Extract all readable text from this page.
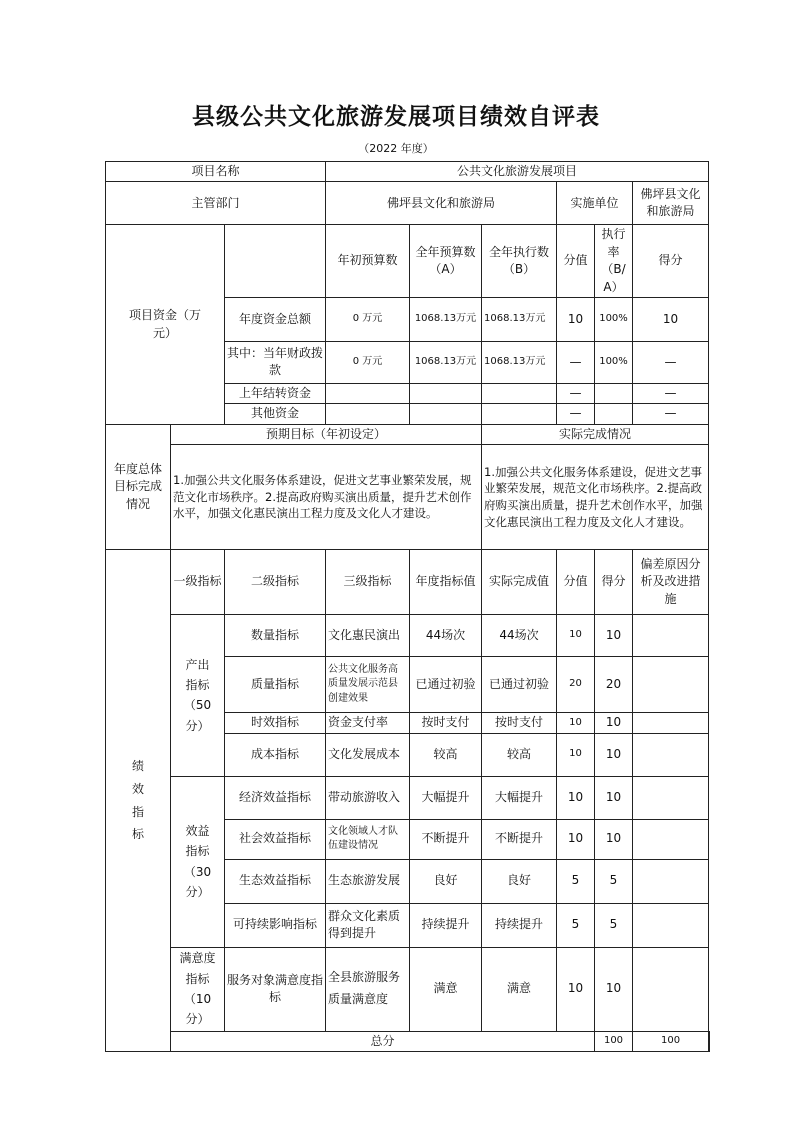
县级公共文化旅游发展项目绩效自评表
（2022 年度）
项目名称			公共文化旅游发展项目						
主管部门			佛坪县文化和旅游局			实施单位		佛坪县文化和旅游局	
项目资金（万元）			年初预算数	全年预算数（A）	全年执行数（B）	分值	执行率（B/A）	得分	
		年度资金总额	0 万元	1068.13万元	1068.13万元	10	100%	10	
		其中：当年财政拨款	0 万元	1068.13万元	1068.13万元	—	100%	—	
		上年结转资金				—		—	
		其他资金				—		—	
年度总体目标完成情况	预期目标（年初设定）				实际完成情况				
	1.加强公共文化服务体系建设，促进文艺事业繁荣发展，规范文化市场秩序。2.提高政府购买演出质量，提升艺术创作水平，加强文化惠民演出工程力度及文化人才建设。				1.加强公共文化服务体系建设，促进文艺事业繁荣发展，规范文化市场秩序。2.提高政府购买演出质量，提升艺术创作水平，加强文化惠民演出工程力度及文化人才建设。				
绩效指标	一级指标	二级指标	三级指标	年度指标值	实际完成值	分值	得分	偏差原因分析及改进措施	
	产出指标（50分）	数量指标	文化惠民演出	44场次	44场次	10	10		
		质量指标	公共文化服务高质量发展示范县创建效果	已通过初验	已通过初验	20	20		
		时效指标	资金支付率	按时支付	按时支付	10	10		
		成本指标	文化发展成本	较高	较高	10	10		
	效益指标（30分）	经济效益指标	带动旅游收入	大幅提升	大幅提升	10	10		
		社会效益指标	文化领域人才队伍建设情况	不断提升	不断提升	10	10		
		生态效益指标	生态旅游发展	良好	良好	5	5		
		可持续影响指标	群众文化素质得到提升	持续提升	持续提升	5	5		
	满意度指标（10分）	服务对象满意度指标	全县旅游服务质量满意度	满意	满意	10	10		
	总分						100	100	
